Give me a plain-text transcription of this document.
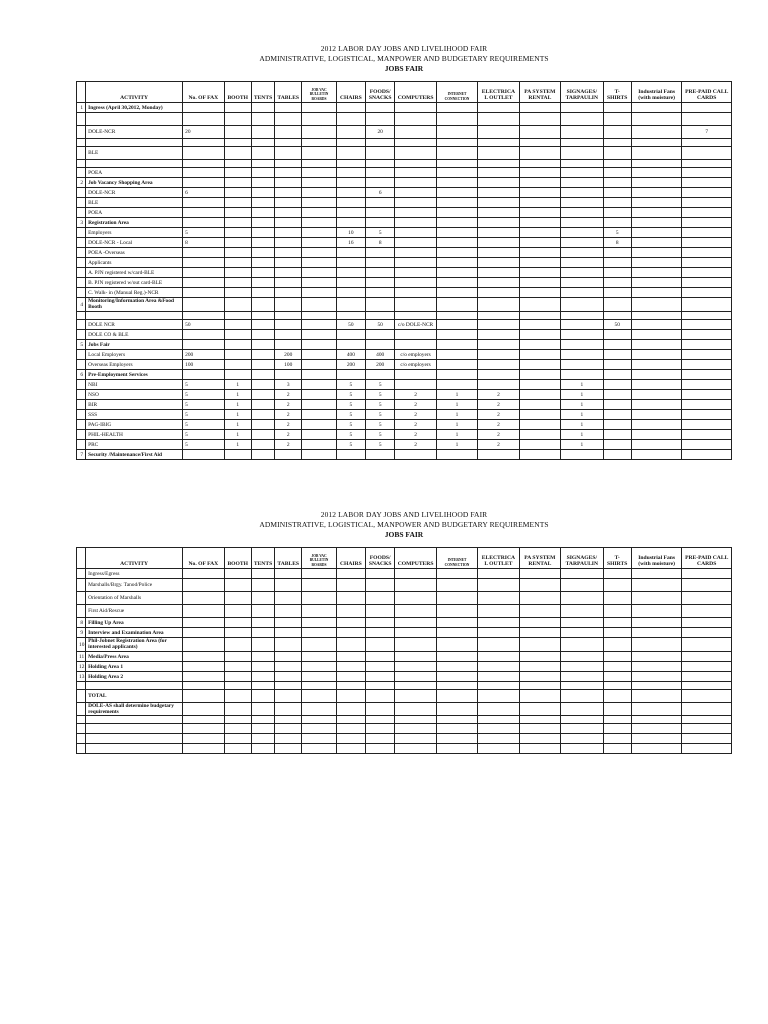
2012 LABOR DAY JOBS AND LIVELIHOOD FAIR
ADMINISTRATIVE, LOGISTICAL, MANPOWER AND BUDGETARY REQUIREMENTS
JOBS FAIR
	ACTIVITY	No. OF FAX	BOOTH	TENTS	TABLES	JOB VAC BULLETIN BOARDS	CHAIRS	FOODS/ SNACKS	COMPUTERS	INTERNET CONNECTION	ELECTRICA L OUTLET	PA SYSTEM RENTAL	SIGNAGES/ TARPAULIN	T-SHIRTS	Industrial Fans (with moisture)	PRE-PAID CALL CARDS
1	Ingress (April 30,2012, Monday)															

	DOLE-NCR	20						20								7

	BLE															

	POEA															
2	Job Vacancy Shopping Area															
	DOLE-NCR	6						6								
	BLE															
	POEA															
3	Registration Area															
	Employers	5					10	5						5		
	DOLE-NCR - Local	8					16	8						8		
	POEA -Overseas															
	Applicants															
	A. PJN registered w/card-BLE															
	B. PJN registered w/out card-BLE															
	C. Walk- in (Manual Reg.)-NCR															
4	Monitoring/Information Area &Food Booth															

	DOLE NCR	50					50	50	c/o DOLE-NCR					50		
	DOLE CO & BLE															
5	Jobs Fair															
	Local Employers	200			200		400	400	c/o employers							
	Overseas Employers	100			100		200	200	c/o employers							
6	Pre-Employment Services															
	NBI	5	1		3		5	5					1			
	NSO	5	1		2		5	5	2	1	2		1			
	BIR	5	1		2		5	5	2	1	2		1			
	SSS	5	1		2		5	5	2	1	2		1			
	PAG-IBIG	5	1		2		5	5	2	1	2		1			
	PHIL-HEALTH	5	1		2		5	5	2	1	2		1			
	PRC	5	1		2		5	5	2	1	2		1			
7	Security /Maintenance/First Aid															
2012 LABOR DAY JOBS AND LIVELIHOOD FAIR
ADMINISTRATIVE, LOGISTICAL, MANPOWER AND BUDGETARY REQUIREMENTS
JOBS FAIR
	ACTIVITY	No. OF FAX	BOOTH	TENTS	TABLES	JOB VAC BULLETIN BOARDS	CHAIRS	FOODS/ SNACKS	COMPUTERS	INTERNET CONNECTION	ELECTRICA L OUTLET	PA SYSTEM RENTAL	SIGNAGES/ TARPAULIN	T-SHIRTS	Industrial Fans (with moisture)	PRE-PAID CALL CARDS
	Ingress/Egress															
	Marshalls/Brgy. Tanod/Police															
	Orientation of Marshalls															
	First Aid/Rescue															
8	Filling Up Area															
9	Interview and Examination Area															
10	Phil-Jobnet Registration Area (for interested applicants)															
11	Media/Press Area															
12	Holding Area 1															
13	Holding Area 2															

	TOTAL															
	DOLE-AS shall determine budgetary requirements															
